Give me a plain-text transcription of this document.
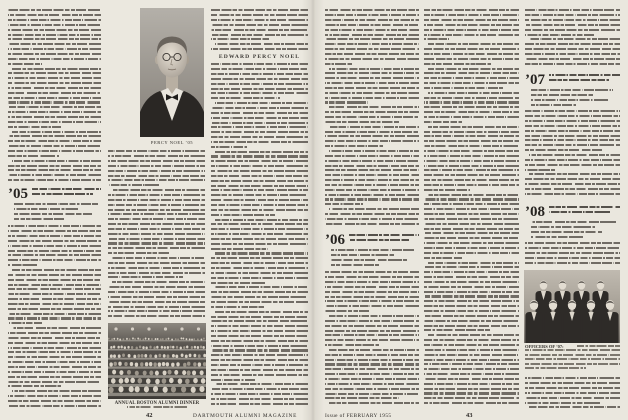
’05
PERCY NOEL ’05
ANNUAL BOSTON ALUMNI DINNER
EDWARD PERCY NOEL
42	DARTMOUTH ALUMNI MAGAZINE
’06
’07
’08
OFFICERS OF ’07:
Issue of FEBRUARY 1955	43
